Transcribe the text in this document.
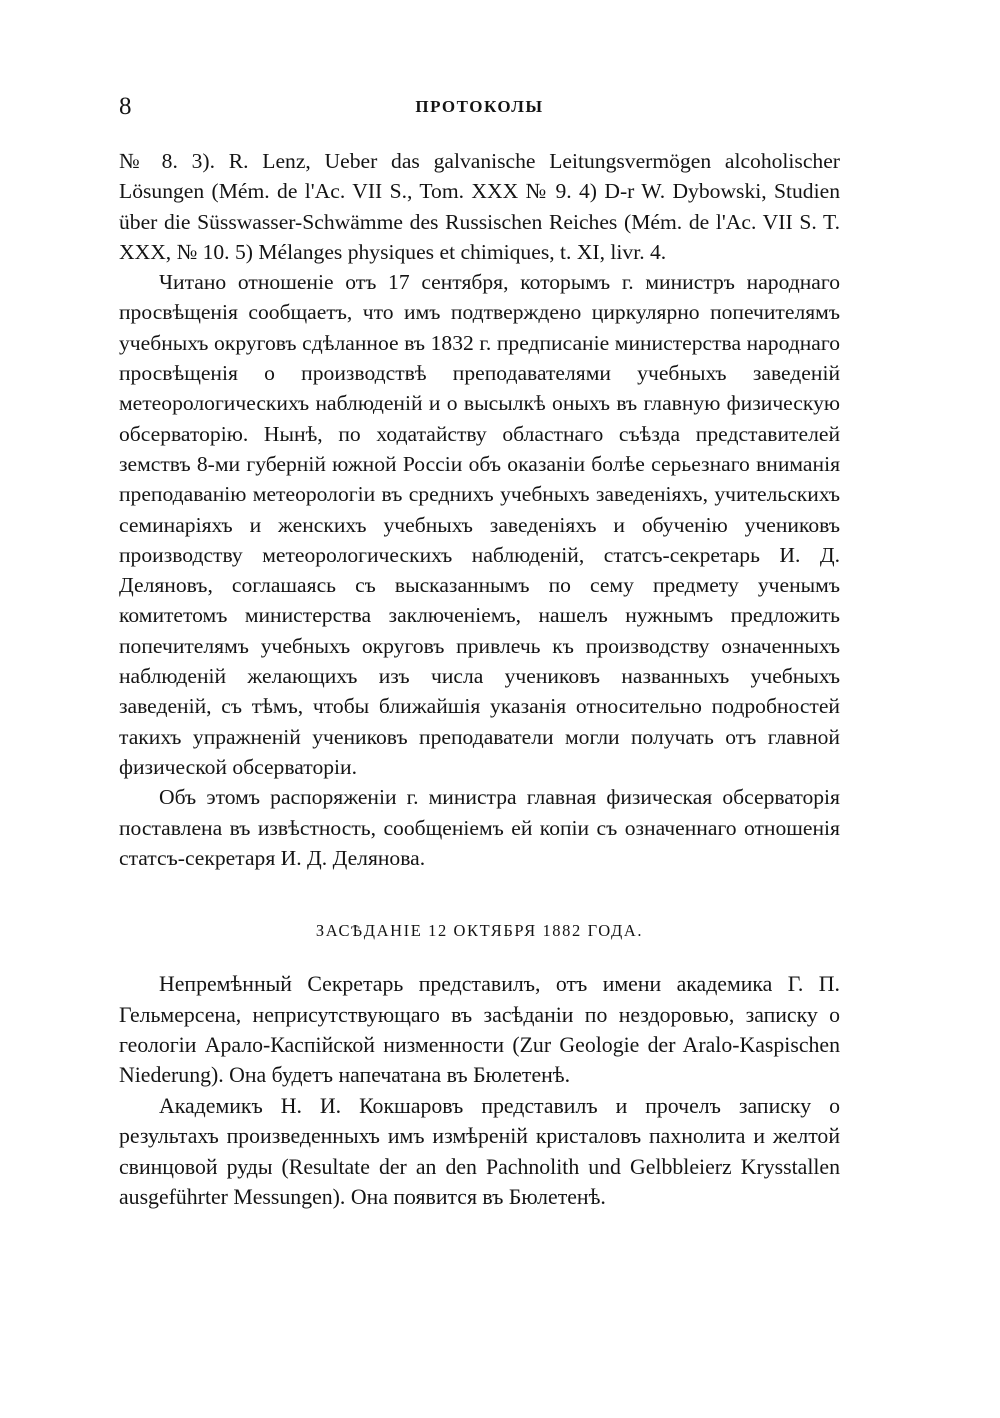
8	ПРОТОКОЛЫ

№ 8. 3). R. Lenz, Ueber das galvanische Leitungsvermögen alcoholischer Lösungen (Mém. de l'Ac. VII S., Tom. XXX № 9. 4) D-r W. Dybowski, Studien über die Süsswasser-Schwämme des Russischen Reiches (Mém. de l'Ac. VII S. T. XXX, № 10. 5) Mélanges physiques et chimiques, t. XI, livr. 4.

Читано отношеніе отъ 17 сентября, которымъ г. министръ народнаго просвѣщенія сообщаетъ, что имъ подтверждено циркулярно попечителямъ учебныхъ округовъ сдѣланное въ 1832 г. предписаніе министерства народнаго просвѣщенія о производствѣ преподавателями учебныхъ заведеній метеорологическихъ наблюденій и о высылкѣ оныхъ въ главную физическую обсерваторію. Нынѣ, по ходатайству областнаго съѣзда представителей земствъ 8-ми губерній южной Россіи объ оказаніи болѣе серьезнаго вниманія преподаванію метеорологіи въ среднихъ учебныхъ заведеніяхъ, учительскихъ семинаріяхъ и женскихъ учебныхъ заведеніяхъ и обученію учениковъ производству метеорологическихъ наблюденій, статсъ-секретарь И. Д. Деляновъ, соглашаясь съ высказаннымъ по сему предмету ученымъ комитетомъ министерства заключеніемъ, нашелъ нужнымъ предложить попечителямъ учебныхъ округовъ привлечь къ производству означенныхъ наблюденій желающихъ изъ числа учениковъ названныхъ учебныхъ заведеній, съ тѣмъ, чтобы ближайшія указанія относительно подробностей такихъ упражненій учениковъ преподаватели могли получать отъ главной физической обсерваторіи.

Объ этомъ распоряженіи г. министра главная физическая обсерваторія поставлена въ извѣстность, сообщеніемъ ей копіи съ означеннаго отношенія статсъ-секретаря И. Д. Делянова.

ЗАСѢДАНІЕ 12 ОКТЯБРЯ 1882 ГОДА.

Непремѣнный Секретарь представилъ, отъ имени академика Г. П. Гельмерсена, неприсутствующаго въ засѣданіи по нездоровью, записку о геологіи Арало-Каспійской низменности (Zur Geologie der Aralo-Kaspischen Niederung). Она будетъ напечатана въ Бюлетенѣ.

Академикъ Н. И. Кокшаровъ представилъ и прочелъ записку о результахъ произведенныхъ имъ измѣреній кристаловъ пахнолита и желтой свинцовой руды (Resultate der an den Pachnolith und Gelbbleierz Krysstallen ausgeführter Messungen). Она появится въ Бюлетенѣ.
